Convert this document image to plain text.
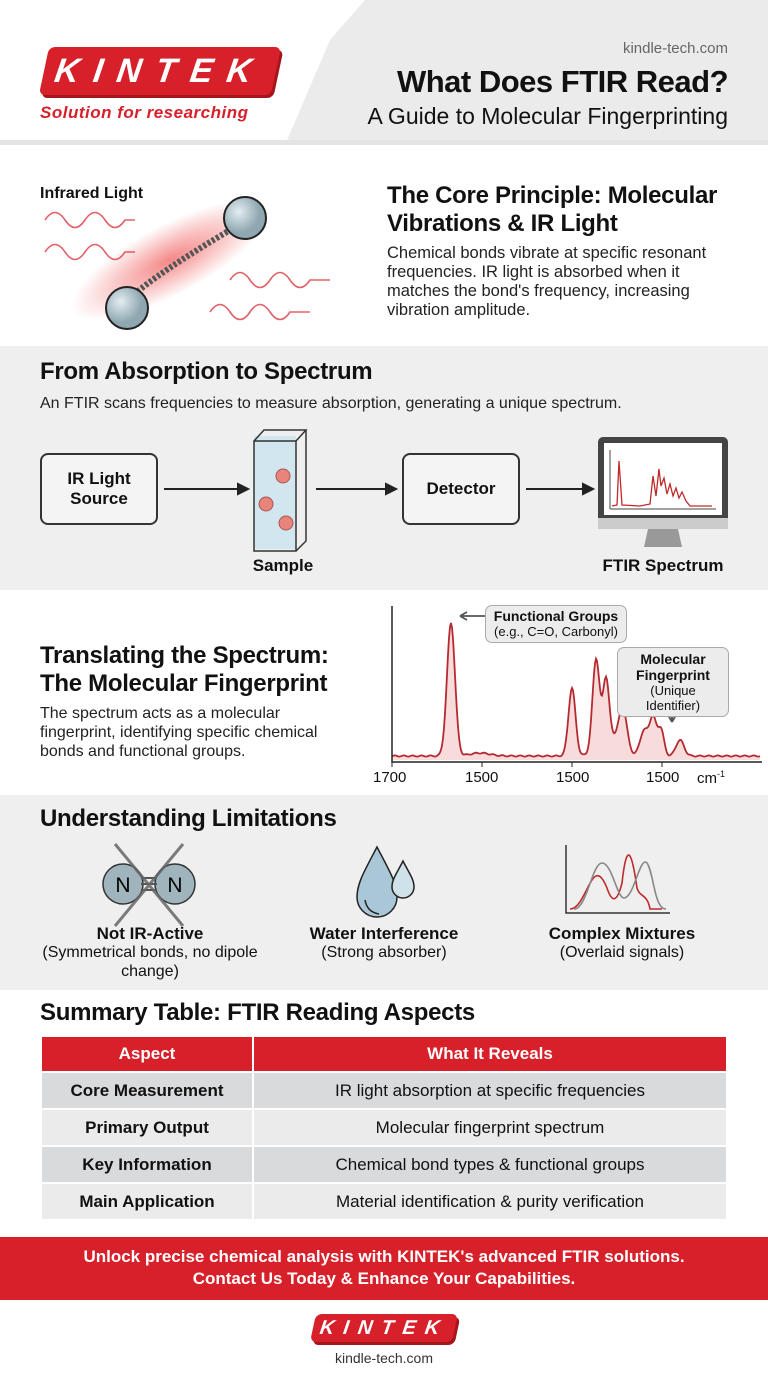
KINTEK
Solution for researching
kindle-tech.com
What Does FTIR Read?
A Guide to Molecular Fingerprinting
Infrared Light	The Core Principle: Molecular Vibrations & IR Light
Chemical bonds vibrate at specific resonant frequencies. IR light is absorbed when it matches the bond's frequency, increasing vibration amplitude.
From Absorption to Spectrum
An FTIR scans frequencies to measure absorption, generating a unique spectrum.
IR Light Source
Sample
Detector
FTIR Spectrum
Translating the Spectrum:
The Molecular Fingerprint
The spectrum acts as a molecular fingerprint, identifying specific chemical bonds and functional groups.
Functional Groups
(e.g., C=O, Carbonyl)
Molecular Fingerprint
(Unique Identifier)
1700	1500	1500	1500 $cm^{-1}$
Understanding Limitations
N N
Not IR-Active
(Symmetrical bonds, no dipole change)
Water Interference
(Strong absorber)
Complex Mixtures
(Overlaid signals)
Summary Table: FTIR Reading Aspects
Aspect	What It Reveals
Core Measurement	IR light absorption at specific frequencies
Primary Output	Molecular fingerprint spectrum
Key Information	Chemical bond types & functional groups
Main Application	Material identification & purity verification
Unlock precise chemical analysis with KINTEK's advanced FTIR solutions.
Contact Us Today & Enhance Your Capabilities.
KINTEK
kindle-tech.com
